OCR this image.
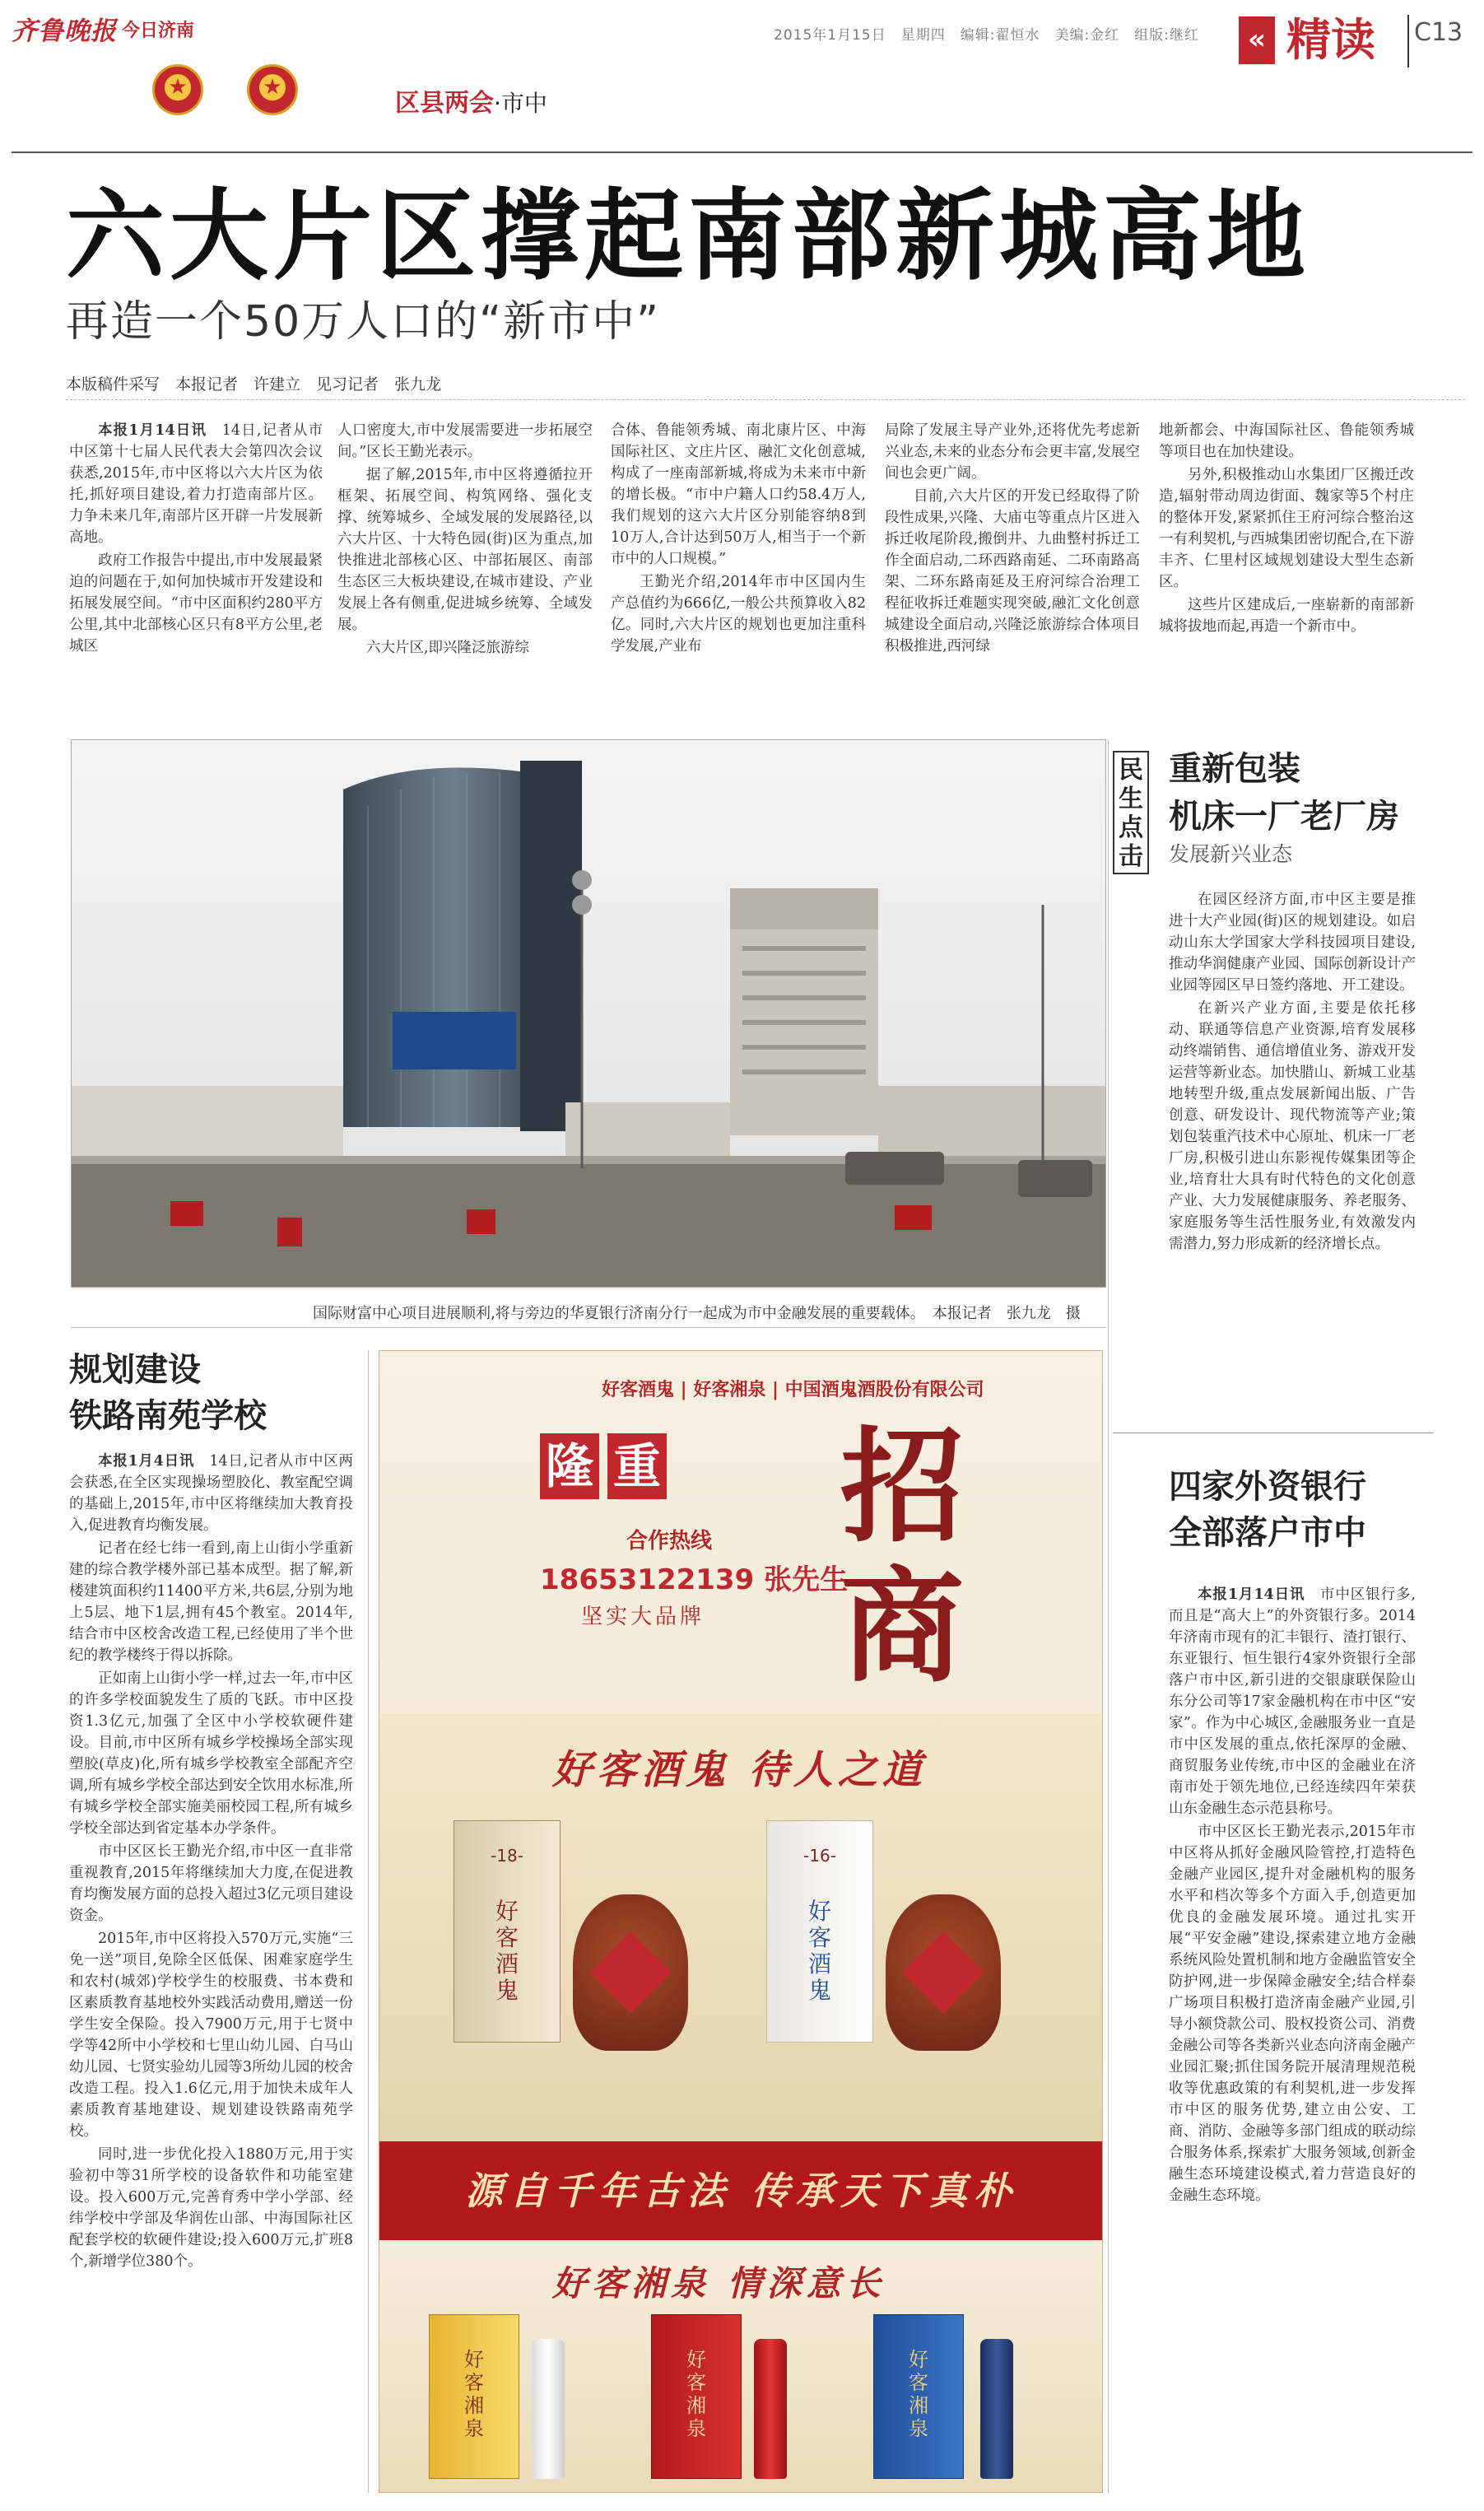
齐鲁晚报 今日济南
★	★
区县两会·市中
2015年1月15日　星期四　编辑:翟恒水　美编:金红　组版:继红	« 精读 C13
六大片区撑起南部新城高地
再造一个50万人口的“新市中”
本版稿件采写　本报记者　许建立　见习记者　张九龙

本报1月14日讯　14日,记者从市中区第十七届人民代表大会第四次会议获悉,2015年,市中区将以六大片区为依托,抓好项目建设,着力打造南部片区。力争未来几年,南部片区开辟一片发展新高地。

政府工作报告中提出,市中发展最紧迫的问题在于,如何加快城市开发建设和拓展发展空间。“市中区面积约280平方公里,其中北部核心区只有8平方公里,老城区

人口密度大,市中发展需要进一步拓展空间。”区长王勤光表示。

据了解,2015年,市中区将遵循拉开框架、拓展空间、构筑网络、强化支撑、统筹城乡、全域发展的发展路径,以六大片区、十大特色园(街)区为重点,加快推进北部核心区、中部拓展区、南部生态区三大板块建设,在城市建设、产业发展上各有侧重,促进城乡统筹、全域发展。

六大片区,即兴隆泛旅游综

合体、鲁能领秀城、南北康片区、中海国际社区、文庄片区、融汇文化创意城,构成了一座南部新城,将成为未来市中新的增长极。“市中户籍人口约58.4万人,我们规划的这六大片区分别能容纳8到10万人,合计达到50万人,相当于一个新市中的人口规模。”

王勤光介绍,2014年市中区国内生产总值约为666亿,一般公共预算收入82亿。同时,六大片区的规划也更加注重科学发展,产业布

局除了发展主导产业外,还将优先考虑新兴业态,未来的业态分布会更丰富,发展空间也会更广阔。

目前,六大片区的开发已经取得了阶段性成果,兴隆、大庙屯等重点片区进入拆迁收尾阶段,搬倒井、九曲整村拆迁工作全面启动,二环西路南延、二环南路高架、二环东路南延及王府河综合治理工程征收拆迁难题实现突破,融汇文化创意城建设全面启动,兴隆泛旅游综合体项目积极推进,西河绿

地新都会、中海国际社区、鲁能领秀城等项目也在加快建设。

另外,积极推动山水集团厂区搬迁改造,辐射带动周边街面、魏家等5个村庄的整体开发,紧紧抓住王府河综合整治这一有利契机,与西城集团密切配合,在下游丰齐、仁里村区域规划建设大型生态新区。

这些片区建成后,一座崭新的南部新城将拔地而起,再造一个新市中。

国际财富中心项目进展顺利,将与旁边的华夏银行济南分行一起成为市中金融发展的重要载体。　本报记者　张九龙　摄
民生点击
重新包装
机床一厂老厂房
发展新兴业态

在园区经济方面,市中区主要是推进十大产业园(街)区的规划建设。如启动山东大学国家大学科技园项目建设,推动华润健康产业园、国际创新设计产业园等园区早日签约落地、开工建设。

在新兴产业方面,主要是依托移动、联通等信息产业资源,培育发展移动终端销售、通信增值业务、游戏开发运营等新业态。加快腊山、新城工业基地转型升级,重点发展新闻出版、广告创意、研发设计、现代物流等产业;策划包装重汽技术中心原址、机床一厂老厂房,积极引进山东影视传媒集团等企业,培育壮大具有时代特色的文化创意产业、大力发展健康服务、养老服务、家庭服务等生活性服务业,有效激发内需潜力,努力形成新的经济增长点。

四家外资银行
全部落户市中

本报1月14日讯　市中区银行多,而且是“高大上”的外资银行多。2014年济南市现有的汇丰银行、渣打银行、东亚银行、恒生银行4家外资银行全部落户市中区,新引进的交银康联保险山东分公司等17家金融机构在市中区“安家”。作为中心城区,金融服务业一直是市中区发展的重点,依托深厚的金融、商贸服务业传统,市中区的金融业在济南市处于领先地位,已经连续四年荣获山东金融生态示范县称号。

市中区区长王勤光表示,2015年市中区将从抓好金融风险管控,打造特色金融产业园区,提升对金融机构的服务水平和档次等多个方面入手,创造更加优良的金融发展环境。通过扎实开展“平安金融”建设,探索建立地方金融系统风险处置机制和地方金融监管安全防护网,进一步保障金融安全;结合样泰广场项目积极打造济南金融产业园,引导小额贷款公司、股权投资公司、消费金融公司等各类新兴业态向济南金融产业园汇聚;抓住国务院开展清理规范税收等优惠政策的有利契机,进一步发挥市中区的服务优势,建立由公安、工商、消防、金融等多部门组成的联动综合服务体系,探索扩大服务领域,创新金融生态环境建设模式,着力营造良好的金融生态环境。

规划建设
铁路南苑学校

本报1月4日讯　14日,记者从市中区两会获悉,在全区实现操场塑胶化、教室配空调的基础上,2015年,市中区将继续加大教育投入,促进教育均衡发展。

记者在经七纬一看到,南上山街小学重新建的综合教学楼外部已基本成型。据了解,新楼建筑面积约11400平方米,共6层,分别为地上5层、地下1层,拥有45个教室。2014年,结合市中区校舍改造工程,已经使用了半个世纪的教学楼终于得以拆除。

正如南上山街小学一样,过去一年,市中区的许多学校面貌发生了质的飞跃。市中区投资1.3亿元,加强了全区中小学校软硬件建设。目前,市中区所有城乡学校操场全部实现塑胶(草皮)化,所有城乡学校教室全部配齐空调,所有城乡学校全部达到安全饮用水标准,所有城乡学校全部实施美丽校园工程,所有城乡学校全部达到省定基本办学条件。

市中区区长王勤光介绍,市中区一直非常重视教育,2015年将继续加大力度,在促进教育均衡发展方面的总投入超过3亿元项目建设资金。

2015年,市中区将投入570万元,实施“三免一送”项目,免除全区低保、困难家庭学生和农村(城郊)学校学生的校服费、书本费和区素质教育基地校外实践活动费用,赠送一份学生安全保险。投入7900万元,用于七贤中学等42所中小学校和七里山幼儿园、白马山幼儿园、七贤实验幼儿园等3所幼儿园的校舍改造工程。投入1.6亿元,用于加快未成年人素质教育基地建设、规划建设铁路南苑学校。

同时,进一步优化投入1880万元,用于实验初中等31所学校的设备软件和功能室建设。投入600万元,完善育秀中学小学部、经纬学校中学部及华润佐山部、中海国际社区配套学校的软硬件建设;投入600万元,扩班8个,新增学位380个。

好客酒鬼 | 好客湘泉 | 中国酒鬼酒股份有限公司
隆 重 招商
合作热线
18653122139 张先生
坚实大品牌
好客酒鬼 待人之道
-18-
好客酒鬼
-16-
好客酒鬼
源自千年古法 传承天下真朴
好客湘泉 情深意长
好客湘泉
好客湘泉
好客湘泉
